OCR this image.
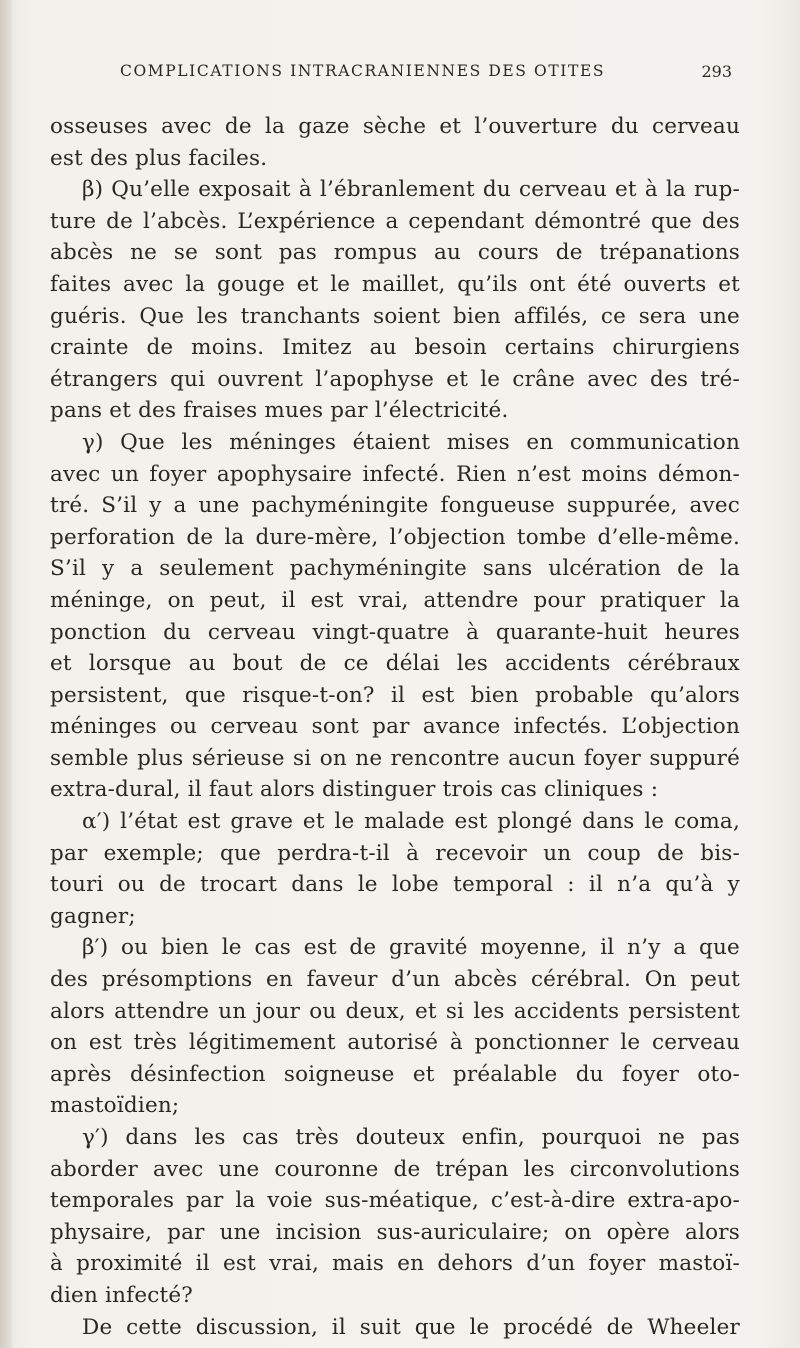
COMPLICATIONS INTRACRANIENNES DES OTITES	293
osseuses avec de la gaze sèche et l’ouverture du cerveau
est des plus faciles.
β) Qu’elle exposait à l’ébranlement du cerveau et à la rup-
ture de l’abcès. L’expérience a cependant démontré que des
abcès ne se sont pas rompus au cours de trépanations
faites avec la gouge et le maillet, qu’ils ont été ouverts et
guéris. Que les tranchants soient bien affilés, ce sera une
crainte de moins. Imitez au besoin certains chirurgiens
étrangers qui ouvrent l’apophyse et le crâne avec des tré-
pans et des fraises mues par l’électricité.
γ) Que les méninges étaient mises en communication
avec un foyer apophysaire infecté. Rien n’est moins démon-
tré. S’il y a une pachyméningite fongueuse suppurée, avec
perforation de la dure-mère, l’objection tombe d’elle-même.
S’il y a seulement pachyméningite sans ulcération de la
méninge, on peut, il est vrai, attendre pour pratiquer la
ponction du cerveau vingt-quatre à quarante-huit heures
et lorsque au bout de ce délai les accidents cérébraux
persistent, que risque-t-on? il est bien probable qu’alors
méninges ou cerveau sont par avance infectés. L’objection
semble plus sérieuse si on ne rencontre aucun foyer suppuré
extra-dural, il faut alors distinguer trois cas cliniques :
α′) l’état est grave et le malade est plongé dans le coma,
par exemple; que perdra-t-il à recevoir un coup de bis-
touri ou de trocart dans le lobe temporal : il n’a qu’à y
gagner;
β′) ou bien le cas est de gravité moyenne, il n’y a que
des présomptions en faveur d’un abcès cérébral. On peut
alors attendre un jour ou deux, et si les accidents persistent
on est très légitimement autorisé à ponctionner le cerveau
après désinfection soigneuse et préalable du foyer oto-
mastoïdien;
γ′) dans les cas très douteux enfin, pourquoi ne pas
aborder avec une couronne de trépan les circonvolutions
temporales par la voie sus-méatique, c’est-à-dire extra-apo-
physaire, par une incision sus-auriculaire; on opère alors
à proximité il est vrai, mais en dehors d’un foyer mastoï-
dien infecté?
De cette discussion, il suit que le procédé de Wheeler
